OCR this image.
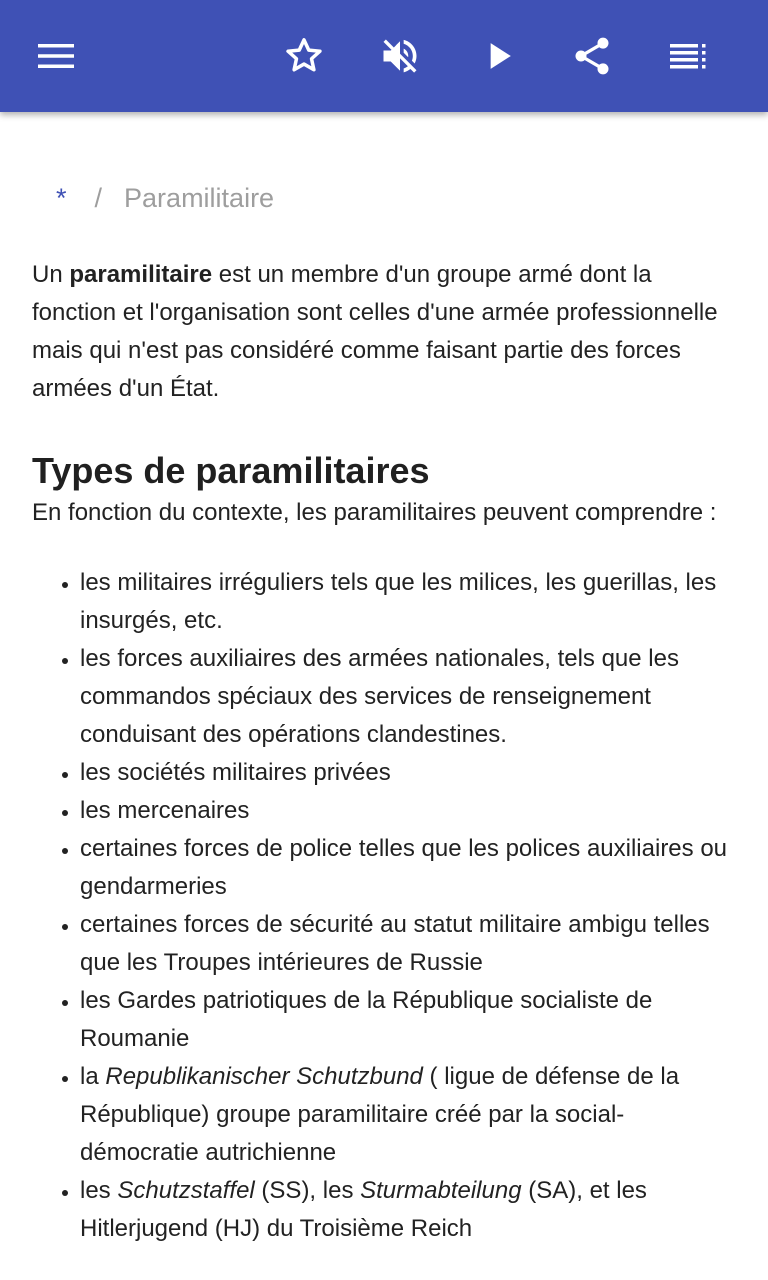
* / Paramilitaire

Un paramilitaire est un membre d'un groupe armé dont la fonction et l'organisation sont celles d'une armée professionnelle mais qui n'est pas considéré comme faisant partie des forces armées d'un État.

Types de paramilitaires

En fonction du contexte, les paramilitaires peuvent comprendre :

• les militaires irréguliers tels que les milices, les guerillas, les insurgés, etc.
• les forces auxiliaires des armées nationales, tels que les commandos spéciaux des services de renseignement conduisant des opérations clandestines.
• les sociétés militaires privées
• les mercenaires
• certaines forces de police telles que les polices auxiliaires ou gendarmeries
• certaines forces de sécurité au statut militaire ambigu telles que les Troupes intérieures de Russie
• les Gardes patriotiques de la République socialiste de Roumanie
• la Republikanischer Schutzbund ( ligue de défense de la République) groupe paramilitaire créé par la social-démocratie autrichienne
• les Schutzstaffel (SS), les Sturmabteilung (SA), et les Hitlerjugend (HJ) du Troisième Reich
